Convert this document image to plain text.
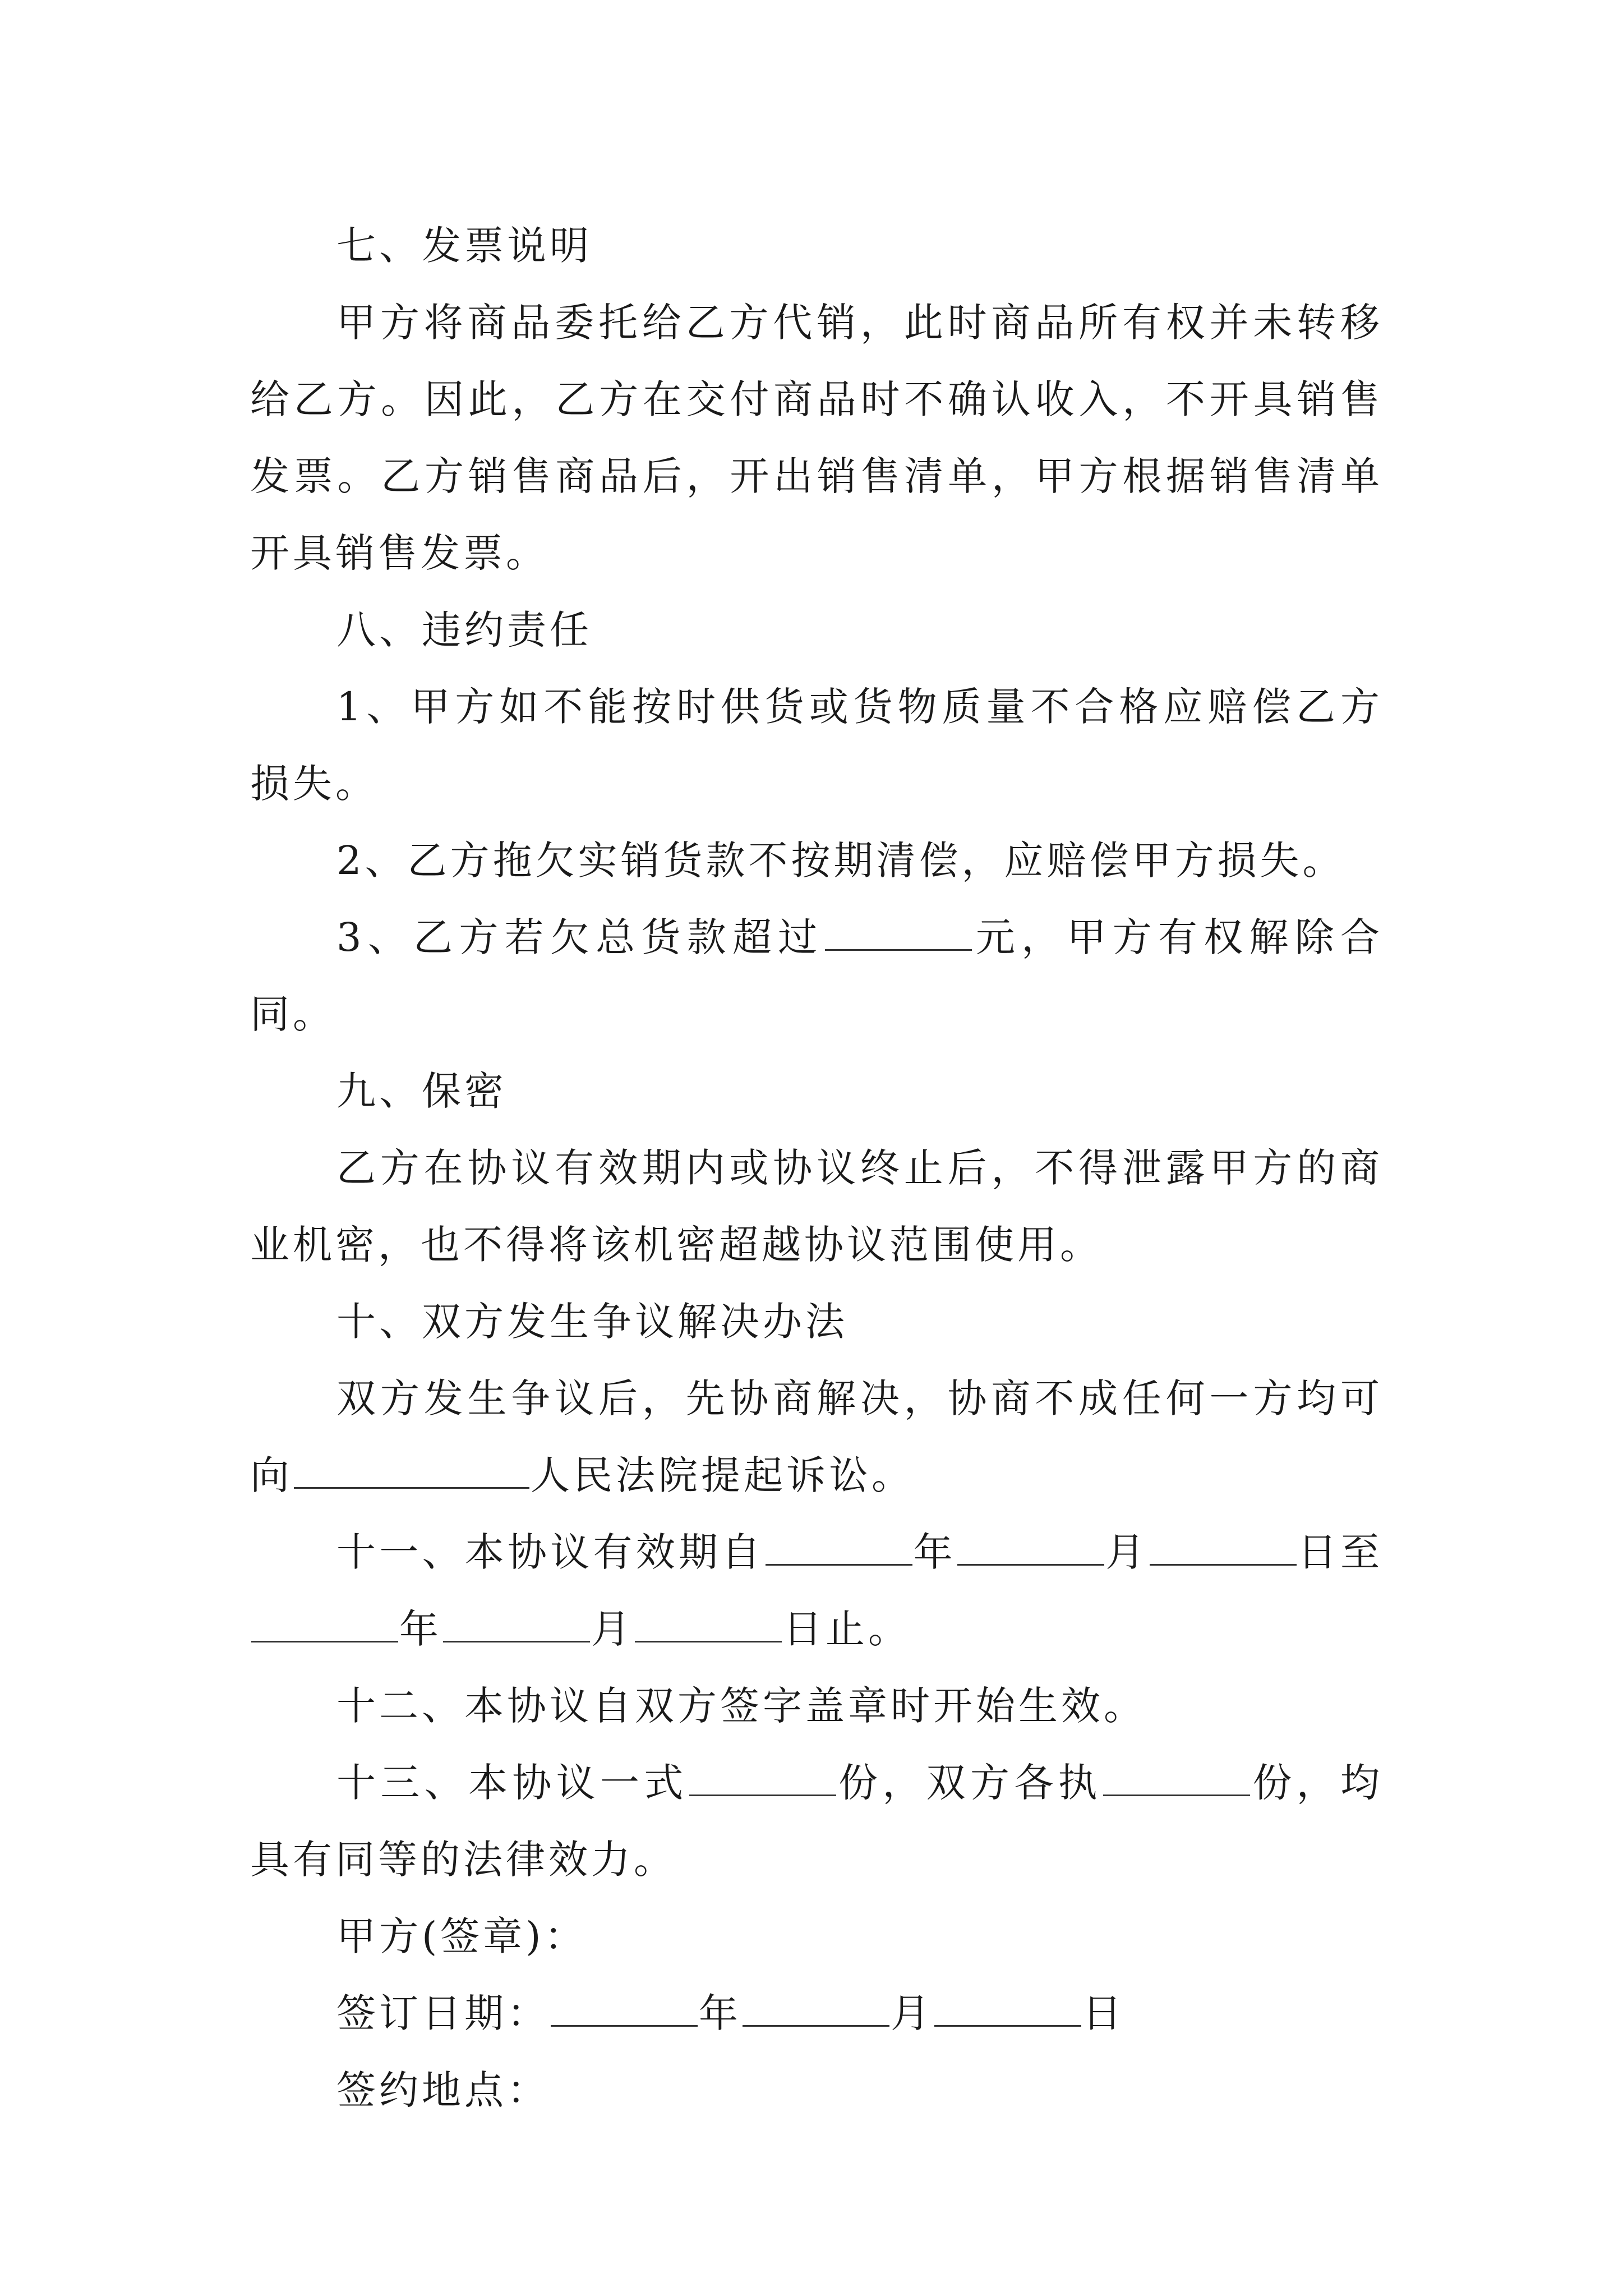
七、发票说明

甲方将商品委托给乙方代销，此时商品所有权并未转移给乙方。因此，乙方在交付商品时不确认收入，不开具销售发票。乙方销售商品后，开出销售清单，甲方根据销售清单开具销售发票。

八、违约责任

1、甲方如不能按时供货或货物质量不合格应赔偿乙方损失。

2、乙方拖欠实销货款不按期清偿，应赔偿甲方损失。

3、乙方若欠总货款超过	元，甲方有权解除合同。

九、保密

乙方在协议有效期内或协议终止后，不得泄露甲方的商业机密，也不得将该机密超越协议范围使用。

十、双方发生争议解决办法

双方发生争议后，先协商解决，协商不成任何一方均可向	人民法院提起诉讼。

十一、本协议有效期自	年	月	日至年	月	日止。

十二、本协议自双方签字盖章时开始生效。

十三、本协议一式	份，双方各执	份，均具有同等的法律效力。

甲方(签章)：

签订日期：	年	月	日

签约地点：
